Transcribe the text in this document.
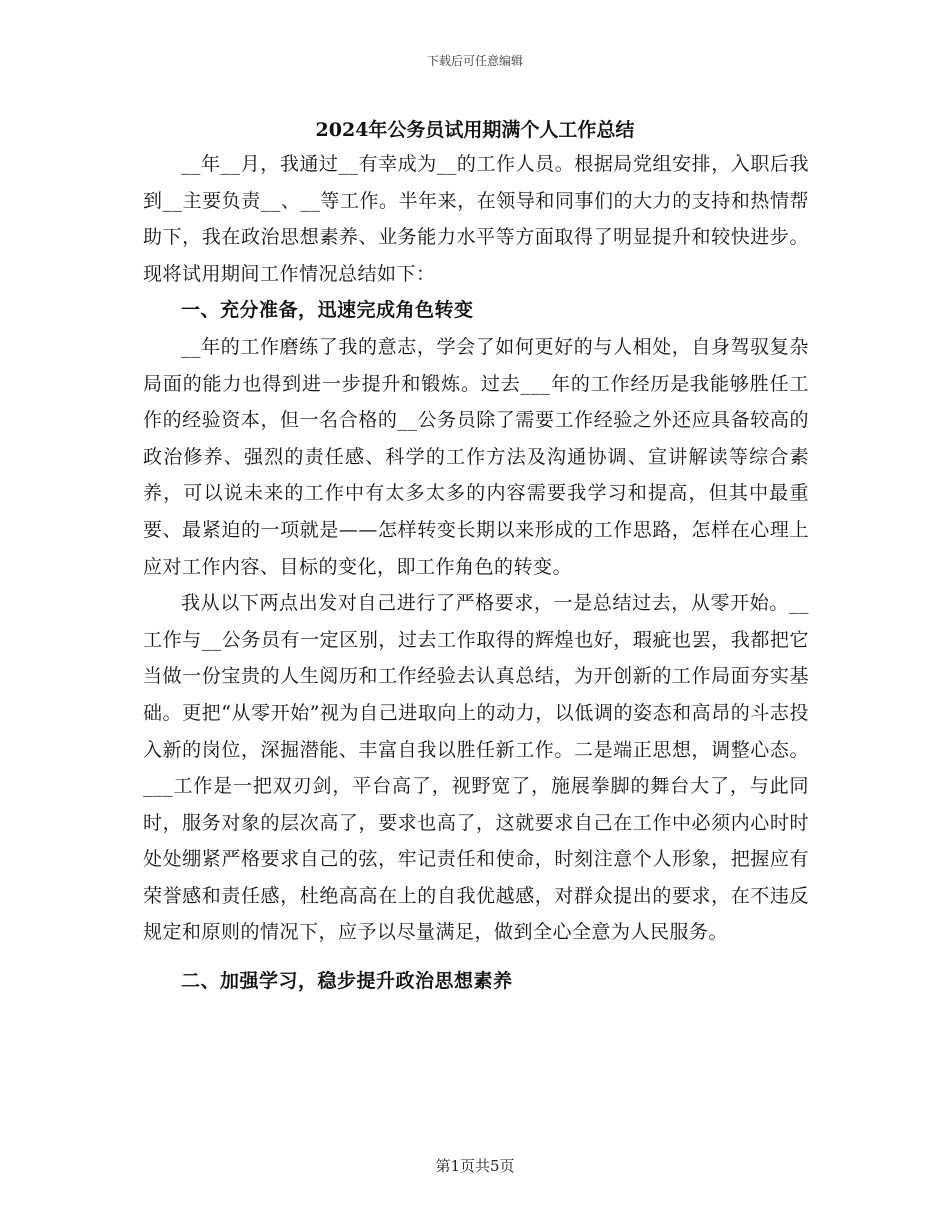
下载后可任意编辑
2024年公务员试用期满个人工作总结

__年__月，我通过__有幸成为__的工作人员。根据局党组安排，入职后我到__主要负责__、__等工作。半年来，在领导和同事们的大力的支持和热情帮助下，我在政治思想素养、业务能力水平等方面取得了明显提升和较快进步。现将试用期间工作情况总结如下：

一、充分准备，迅速完成角色转变

__年的工作磨练了我的意志，学会了如何更好的与人相处，自身驾驭复杂局面的能力也得到进一步提升和锻炼。过去___年的工作经历是我能够胜任工作的经验资本，但一名合格的__公务员除了需要工作经验之外还应具备较高的政治修养、强烈的责任感、科学的工作方法及沟通协调、宣讲解读等综合素养，可以说未来的工作中有太多太多的内容需要我学习和提高，但其中最重要、最紧迫的一项就是——怎样转变长期以来形成的工作思路，怎样在心理上应对工作内容、目标的变化，即工作角色的转变。

我从以下两点出发对自己进行了严格要求，一是总结过去，从零开始。__工作与__公务员有一定区别，过去工作取得的辉煌也好，瑕疵也罢，我都把它当做一份宝贵的人生阅历和工作经验去认真总结，为开创新的工作局面夯实基础。更把“从零开始”视为自己进取向上的动力，以低调的姿态和高昂的斗志投入新的岗位，深掘潜能、丰富自我以胜任新工作。二是端正思想，调整心态。___工作是一把双刃剑，平台高了，视野宽了，施展拳脚的舞台大了，与此同时，服务对象的层次高了，要求也高了，这就要求自己在工作中必须内心时时处处绷紧严格要求自己的弦，牢记责任和使命，时刻注意个人形象，把握应有荣誉感和责任感，杜绝高高在上的自我优越感，对群众提出的要求，在不违反规定和原则的情况下，应予以尽量满足，做到全心全意为人民服务。

二、加强学习，稳步提升政治思想素养

第1页共5页
